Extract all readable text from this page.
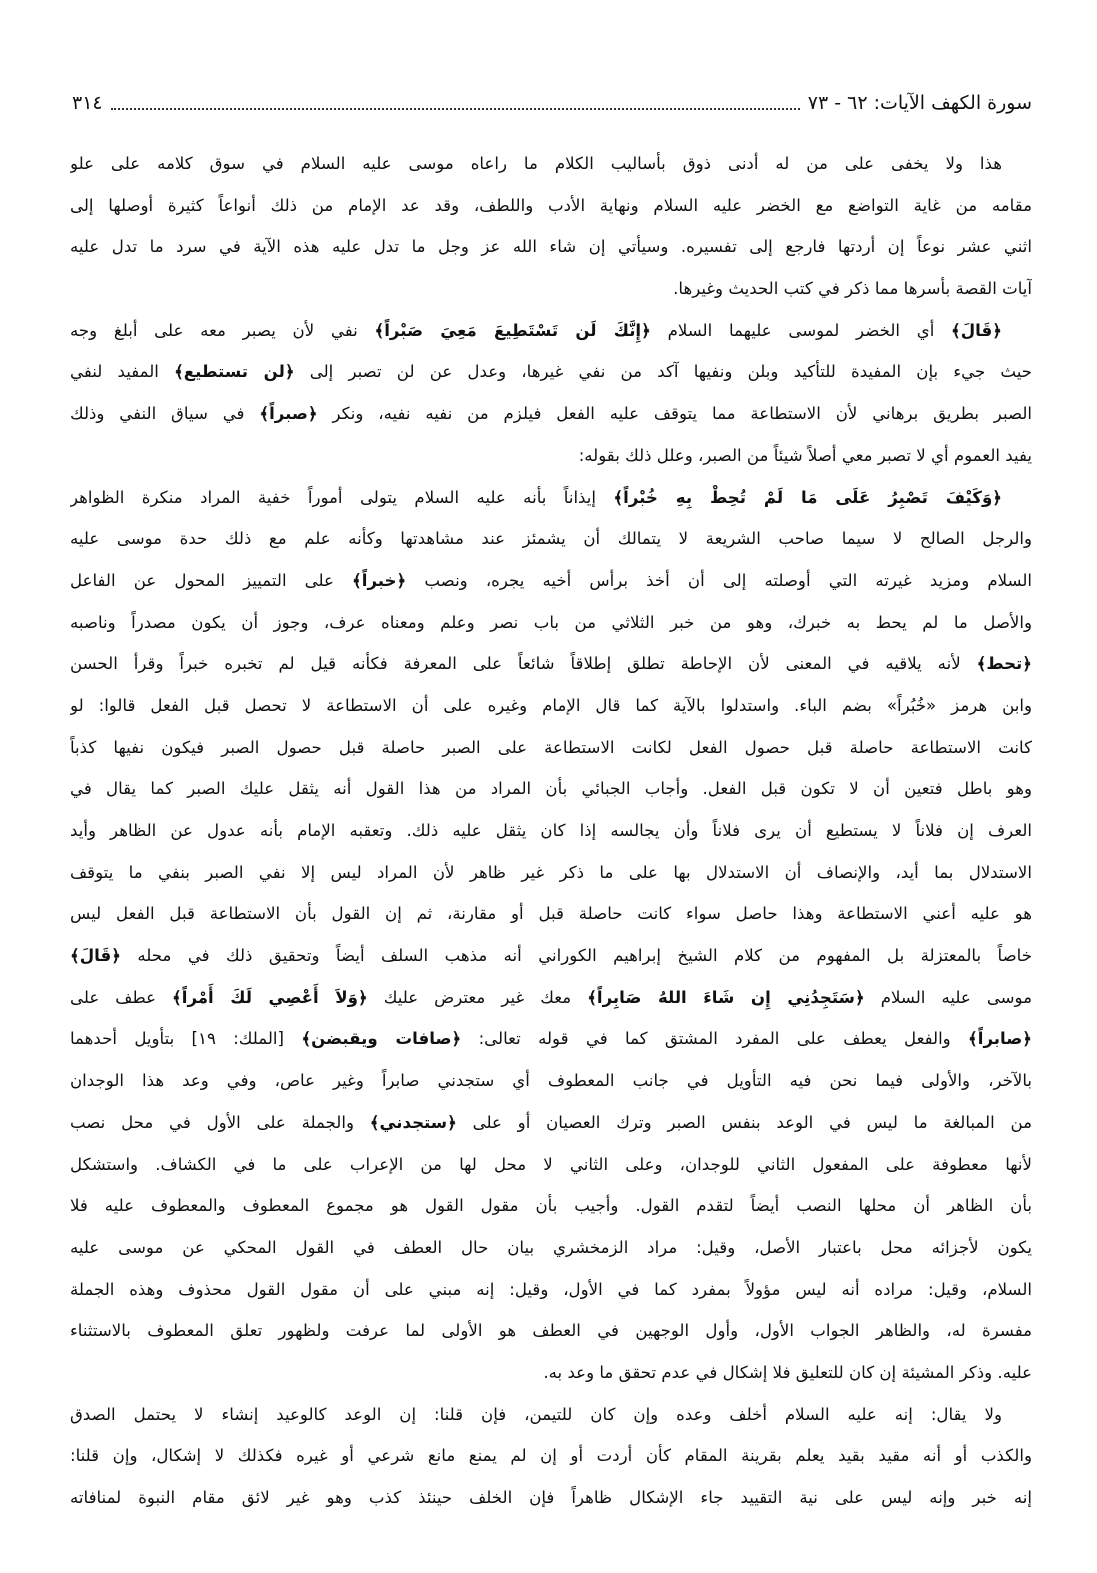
سورة الكهف الآيات: ٦٢ - ٧٣
٣١٤
هذا ولا يخفى على من له أدنى ذوق بأساليب الكلام ما راعاه موسى عليه السلام في سوق كلامه على علو
مقامه من غاية التواضع مع الخضر عليه السلام ونهاية الأدب واللطف، وقد عد الإمام من ذلك أنواعاً كثيرة أوصلها إلى
اثني عشر نوعاً إن أردتها فارجع إلى تفسيره. وسيأتي إن شاء الله عز وجل ما تدل عليه هذه الآية في سرد ما تدل عليه
آيات القصة بأسرها مما ذكر في كتب الحديث وغيرها.
﴿قَالَ﴾ أي الخضر لموسى عليهما السلام ﴿إِنَّكَ لَن تَسْتَطِيعَ مَعِيَ صَبْراً﴾ نفي لأن يصبر معه على أبلغ وجه
حيث جيء بإن المفيدة للتأكيد وبلن ونفيها آكد من نفي غيرها، وعدل عن لن تصبر إلى ﴿لن تستطيع﴾ المفيد لنفي
الصبر بطريق برهاني لأن الاستطاعة مما يتوقف عليه الفعل فيلزم من نفيه نفيه، ونكر ﴿صبراً﴾ في سياق النفي وذلك
يفيد العموم أي لا تصبر معي أصلاً شيئاً من الصبر، وعلل ذلك بقوله:
﴿وَكَيْفَ تَصْبِرُ عَلَى مَا لَمْ تُحِطْ بِهِ خُبْراً﴾ إيذاناً بأنه عليه السلام يتولى أموراً خفية المراد منكرة الظواهر
والرجل الصالح لا سيما صاحب الشريعة لا يتمالك أن يشمئز عند مشاهدتها وكأنه علم مع ذلك حدة موسى عليه
السلام ومزيد غيرته التي أوصلته إلى أن أخذ برأس أخيه يجره، ونصب ﴿خبراً﴾ على التمييز المحول عن الفاعل
والأصل ما لم يحط به خبرك، وهو من خبر الثلاثي من باب نصر وعلم ومعناه عرف، وجوز أن يكون مصدراً وناصبه
﴿تحط﴾ لأنه يلاقيه في المعنى لأن الإحاطة تطلق إطلاقاً شائعاً على المعرفة فكأنه قيل لم تخبره خبراً وقرأ الحسن
وابن هرمز «خُبُراً» بضم الباء. واستدلوا بالآية كما قال الإمام وغيره على أن الاستطاعة لا تحصل قبل الفعل قالوا: لو
كانت الاستطاعة حاصلة قبل حصول الفعل لكانت الاستطاعة على الصبر حاصلة قبل حصول الصبر فيكون نفيها كذباً
وهو باطل فتعين أن لا تكون قبل الفعل. وأجاب الجبائي بأن المراد من هذا القول أنه يثقل عليك الصبر كما يقال في
العرف إن فلاناً لا يستطيع أن يرى فلاناً وأن يجالسه إذا كان يثقل عليه ذلك. وتعقبه الإمام بأنه عدول عن الظاهر وأيد
الاستدلال بما أيد، والإنصاف أن الاستدلال بها على ما ذكر غير ظاهر لأن المراد ليس إلا نفي الصبر بنفي ما يتوقف
هو عليه أعني الاستطاعة وهذا حاصل سواء كانت حاصلة قبل أو مقارنة، ثم إن القول بأن الاستطاعة قبل الفعل ليس
خاصاً بالمعتزلة بل المفهوم من كلام الشيخ إبراهيم الكوراني أنه مذهب السلف أيضاً وتحقيق ذلك في محله ﴿قَالَ﴾
موسى عليه السلام ﴿سَتَجِدُنِي إِن شَاءَ اللهُ صَابِراً﴾ معك غير معترض عليك ﴿وَلاَ أَعْصِي لَكَ أَمْراً﴾ عطف على
﴿صابراً﴾ والفعل يعطف على المفرد المشتق كما في قوله تعالى: ﴿صافات ويقبضن﴾ [الملك: ١٩] بتأويل أحدهما
بالآخر، والأولى فيما نحن فيه التأويل في جانب المعطوف أي ستجدني صابراً وغير عاص، وفي وعد هذا الوجدان
من المبالغة ما ليس في الوعد بنفس الصبر وترك العصيان أو على ﴿ستجدني﴾ والجملة على الأول في محل نصب
لأنها معطوفة على المفعول الثاني للوجدان، وعلى الثاني لا محل لها من الإعراب على ما في الكشاف. واستشكل
بأن الظاهر أن محلها النصب أيضاً لتقدم القول. وأجيب بأن مقول القول هو مجموع المعطوف والمعطوف عليه فلا
يكون لأجزائه محل باعتبار الأصل، وقيل: مراد الزمخشري بيان حال العطف في القول المحكي عن موسى عليه
السلام، وقيل: مراده أنه ليس مؤولاً بمفرد كما في الأول، وقيل: إنه مبني على أن مقول القول محذوف وهذه الجملة
مفسرة له، والظاهر الجواب الأول، وأول الوجهين في العطف هو الأولى لما عرفت ولظهور تعلق المعطوف بالاستثناء
عليه. وذكر المشيئة إن كان للتعليق فلا إشكال في عدم تحقق ما وعد به.
ولا يقال: إنه عليه السلام أخلف وعده وإن كان للتيمن، فإن قلنا: إن الوعد كالوعيد إنشاء لا يحتمل الصدق
والكذب أو أنه مقيد بقيد يعلم بقرينة المقام كأن أردت أو إن لم يمنع مانع شرعي أو غيره فكذلك لا إشكال، وإن قلنا:
إنه خبر وإنه ليس على نية التقييد جاء الإشكال ظاهراً فإن الخلف حينئذ كذب وهو غير لائق مقام النبوة لمنافاته
